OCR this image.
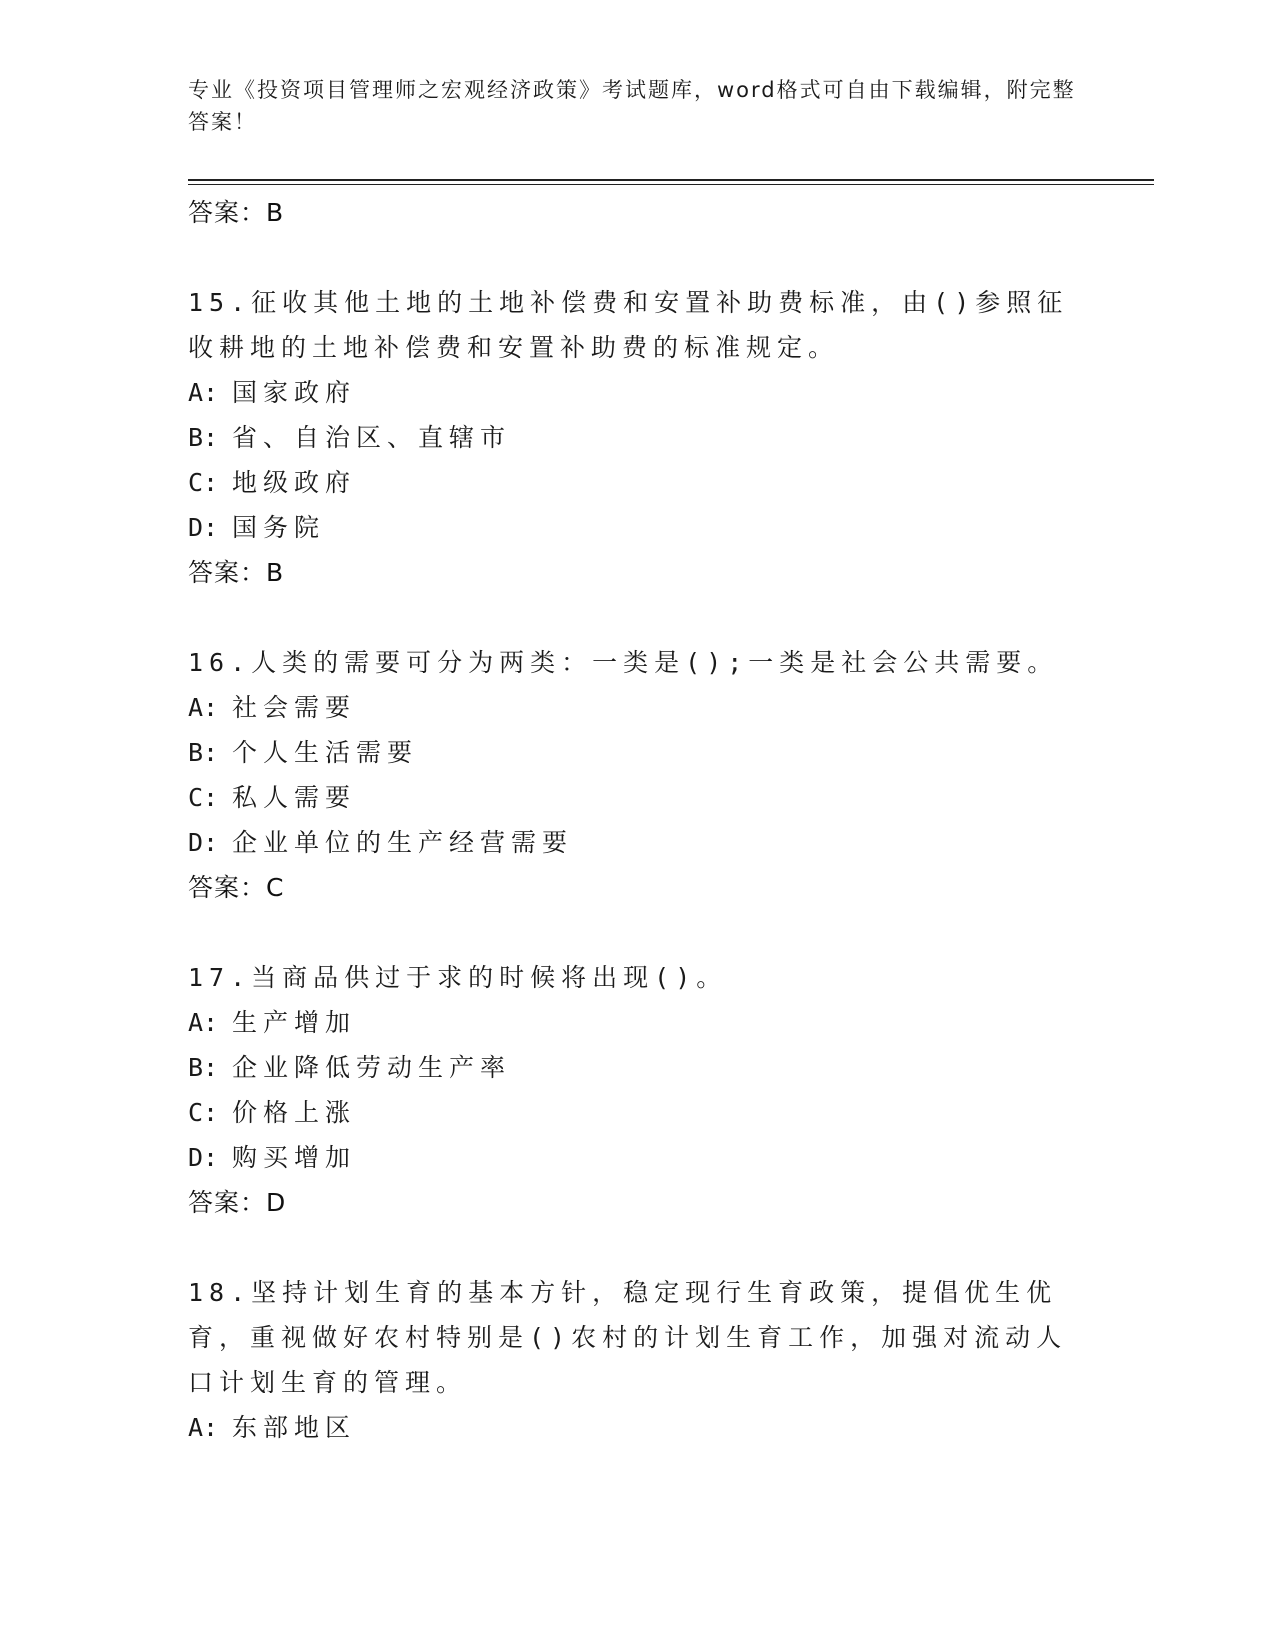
专业《投资项目管理师之宏观经济政策》考试题库，word格式可自由下载编辑，附完整答案！
答案：B

15.征收其他土地的土地补偿费和安置补助费标准，由()参照征收耕地的土地补偿费和安置补助费的标准规定。

A: 国家政府
B: 省、自治区、直辖市
C: 地级政府
D: 国务院
答案：B

16.人类的需要可分为两类：一类是();一类是社会公共需要。

A: 社会需要
B: 个人生活需要
C: 私人需要
D: 企业单位的生产经营需要
答案：C

17.当商品供过于求的时候将出现()。

A: 生产增加
B: 企业降低劳动生产率
C: 价格上涨
D: 购买增加
答案：D

18.坚持计划生育的基本方针，稳定现行生育政策，提倡优生优育，重视做好农村特别是()农村的计划生育工作，加强对流动人口计划生育的管理。

A: 东部地区
